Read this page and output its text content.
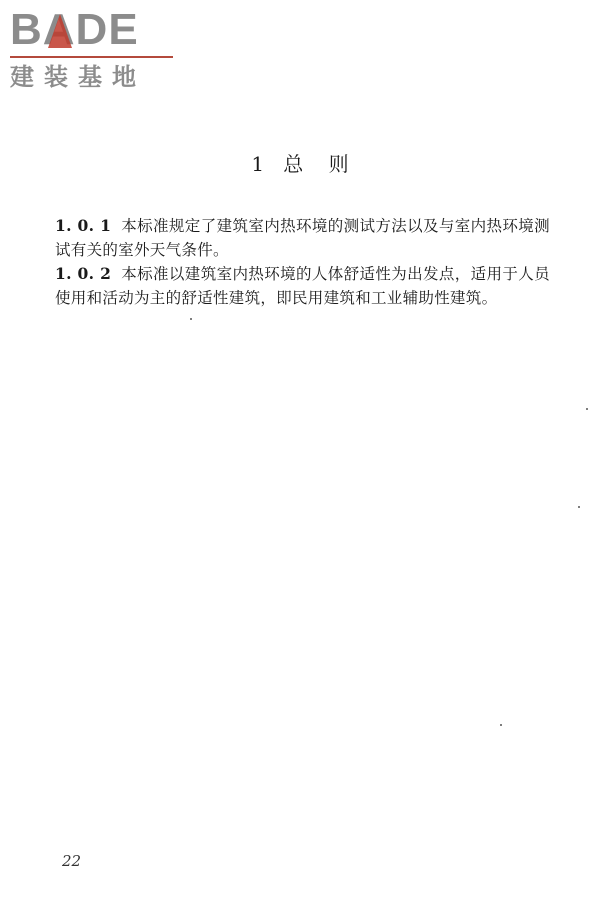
BADE
建装基地
1 总    则
1. 0. 1 本标准规定了建筑室内热环境的测试方法以及与室内热环境测试有关的室外天气条件。
1. 0. 2 本标准以建筑室内热环境的人体舒适性为出发点，适用于人员使用和活动为主的舒适性建筑，即民用建筑和工业辅助性建筑。
22
